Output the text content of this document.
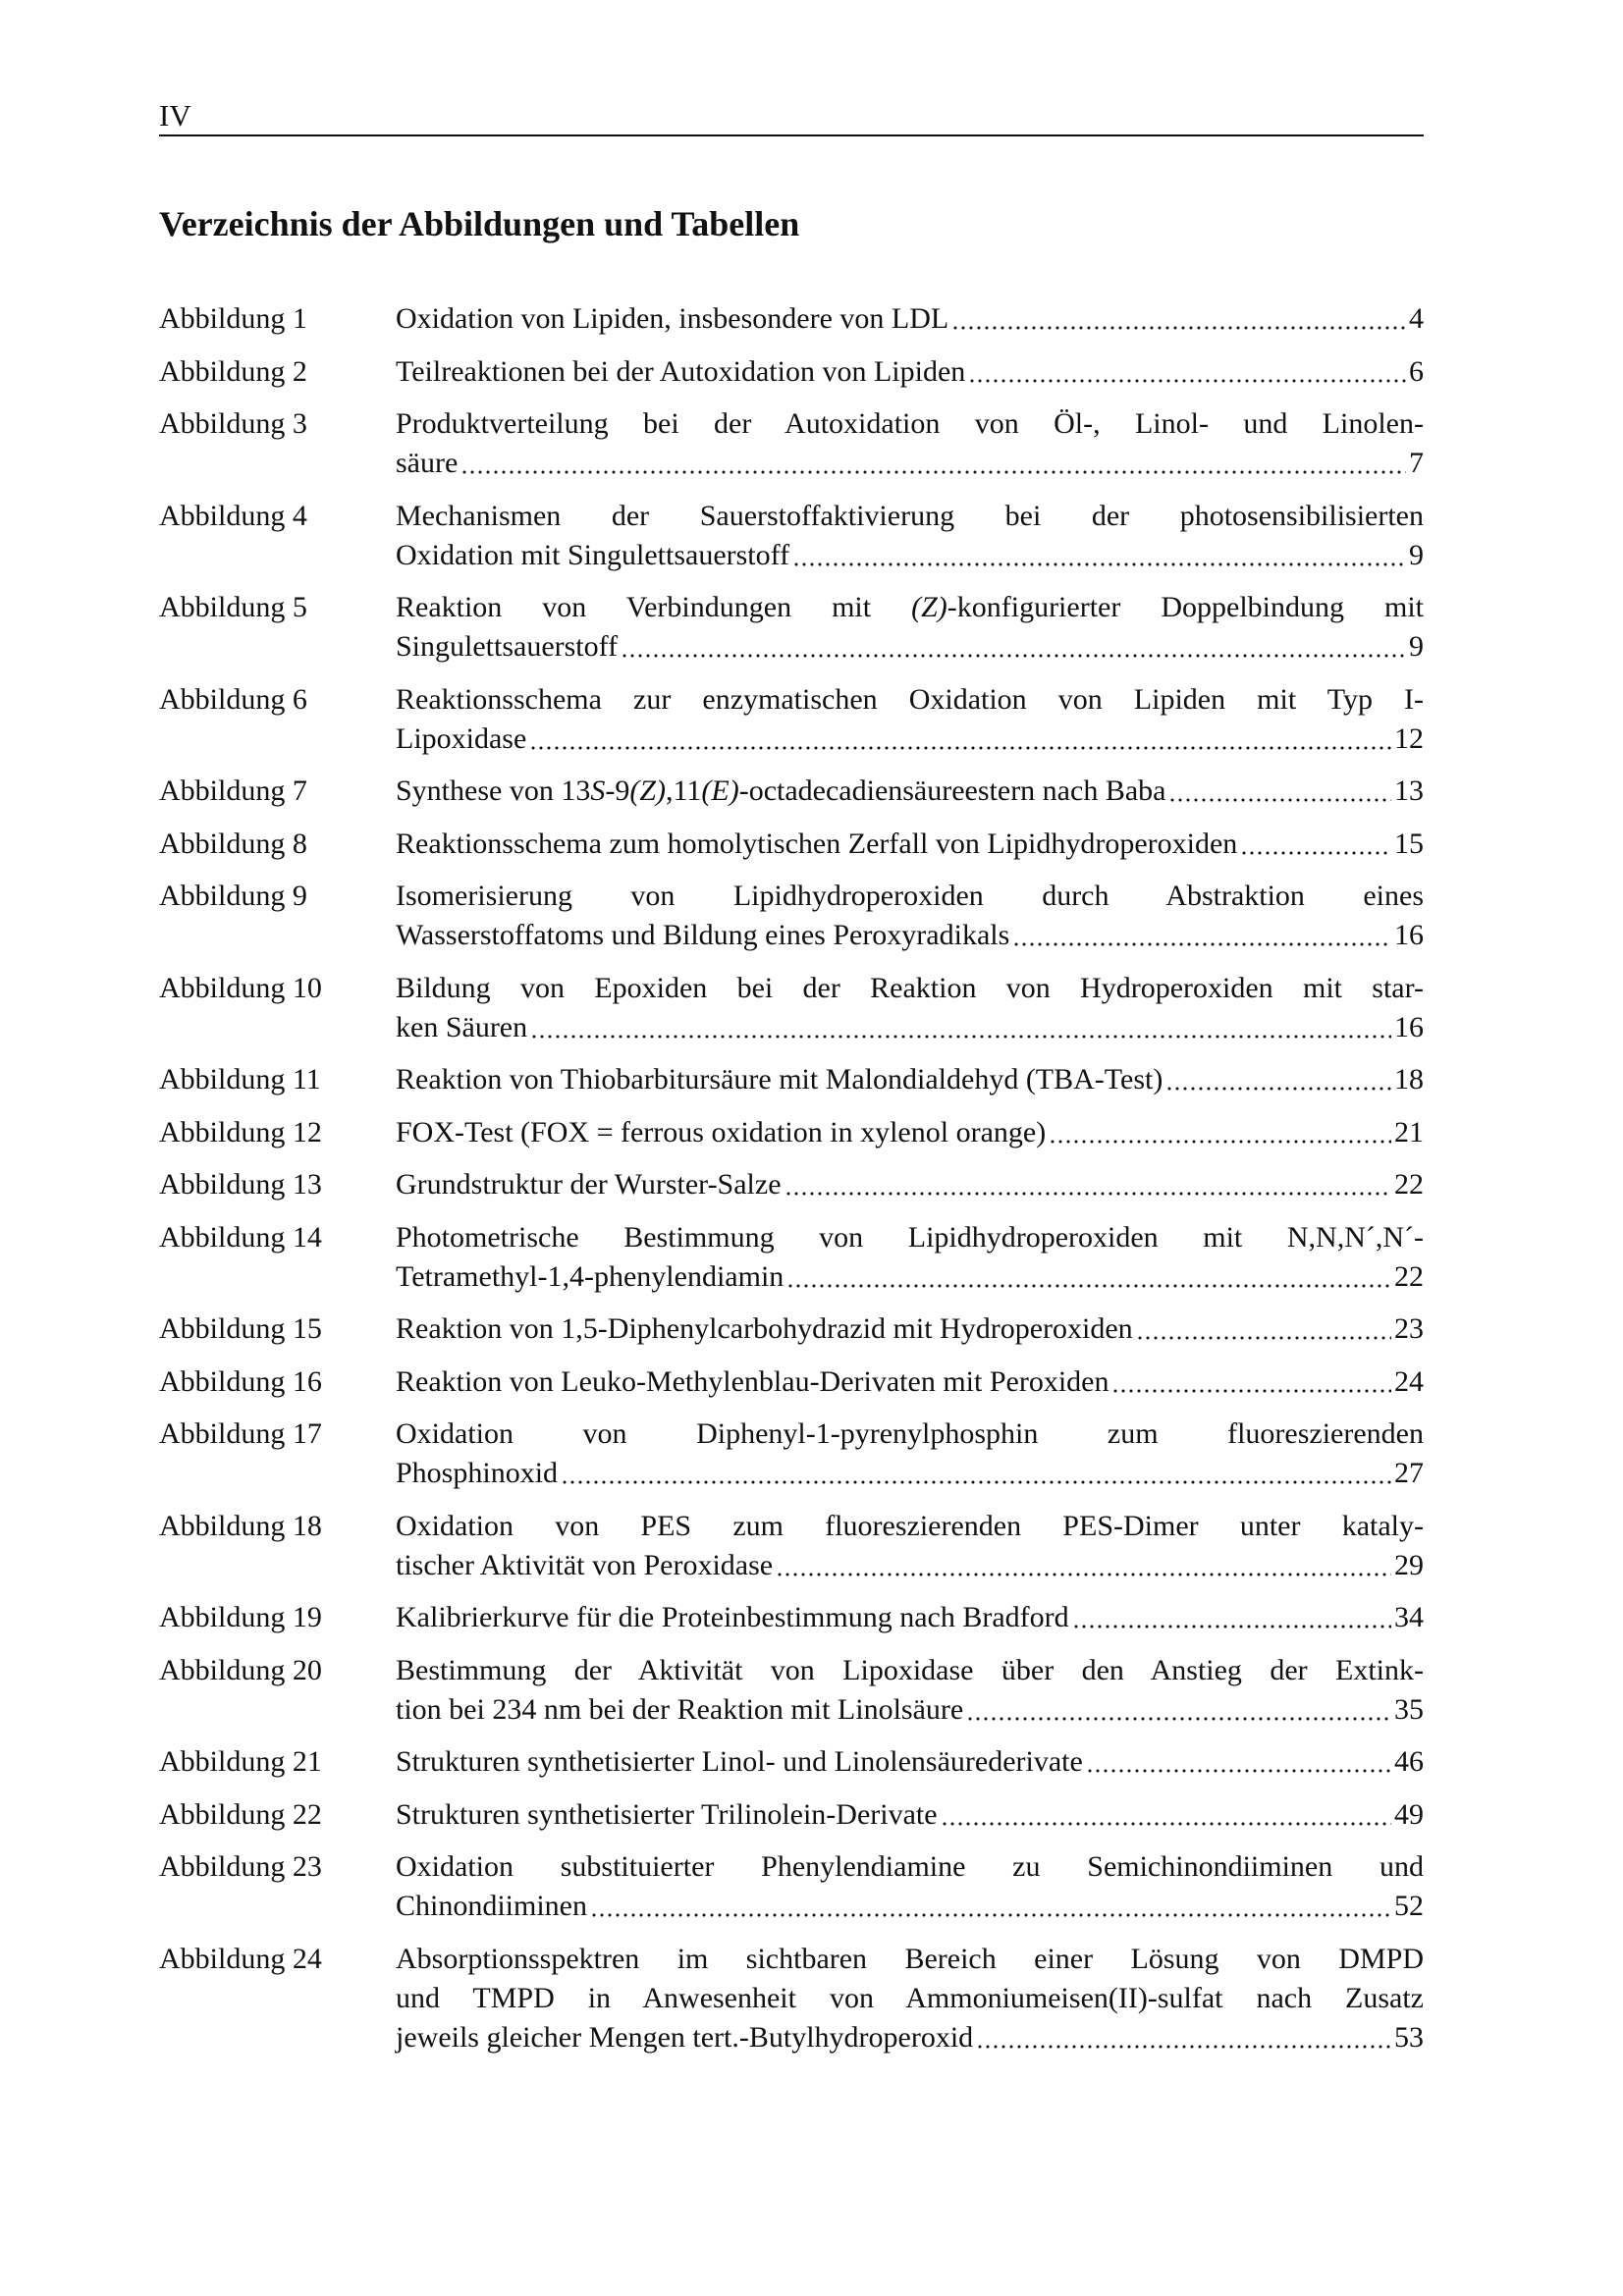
IV
Verzeichnis der Abbildungen und Tabellen
Abbildung 1	Oxidation von Lipiden, insbesondere von LDL	4
Abbildung 2	Teilreaktionen bei der Autoxidation von Lipiden	6
Abbildung 3	Produktverteilung bei der Autoxidation von Öl-, Linol- und Linolen-
säure	7
Abbildung 4	Mechanismen der Sauerstoffaktivierung bei der photosensibilisierten
Oxidation mit Singulettsauerstoff	9
Abbildung 5	Reaktion von Verbindungen mit (Z)-konfigurierter Doppelbindung mit
Singulettsauerstoff	9
Abbildung 6	Reaktionsschema zur enzymatischen Oxidation von Lipiden mit Typ I-
Lipoxidase	12
Abbildung 7	Synthese von 13S-9(Z),11(E)-octadecadiensäureestern nach Baba	13
Abbildung 8	Reaktionsschema zum homolytischen Zerfall von Lipidhydroperoxiden	15
Abbildung 9	Isomerisierung von Lipidhydroperoxiden durch Abstraktion eines
Wasserstoffatoms und Bildung eines Peroxyradikals	16
Abbildung 10	Bildung von Epoxiden bei der Reaktion von Hydroperoxiden mit star-
ken Säuren	16
Abbildung 11	Reaktion von Thiobarbitursäure mit Malondialdehyd (TBA-Test)	18
Abbildung 12	FOX-Test (FOX = ferrous oxidation in xylenol orange)	21
Abbildung 13	Grundstruktur der Wurster-Salze	22
Abbildung 14	Photometrische Bestimmung von Lipidhydroperoxiden mit N,N,N´,N´-
Tetramethyl-1,4-phenylendiamin	22
Abbildung 15	Reaktion von 1,5-Diphenylcarbohydrazid mit Hydroperoxiden	23
Abbildung 16	Reaktion von Leuko-Methylenblau-Derivaten mit Peroxiden	24
Abbildung 17	Oxidation von Diphenyl-1-pyrenylphosphin zum fluoreszierenden
Phosphinoxid	27
Abbildung 18	Oxidation von PES zum fluoreszierenden PES-Dimer unter kataly-
tischer Aktivität von Peroxidase	29
Abbildung 19	Kalibrierkurve für die Proteinbestimmung nach Bradford	34
Abbildung 20	Bestimmung der Aktivität von Lipoxidase über den Anstieg der Extink-
tion bei 234 nm bei der Reaktion mit Linolsäure	35
Abbildung 21	Strukturen synthetisierter Linol- und Linolensäurederivate	46
Abbildung 22	Strukturen synthetisierter Trilinolein-Derivate	49
Abbildung 23	Oxidation substituierter Phenylendiamine zu Semichinondiiminen und
Chinondiiminen	52
Abbildung 24	Absorptionsspektren im sichtbaren Bereich einer Lösung von DMPD
und TMPD in Anwesenheit von Ammoniumeisen(II)-sulfat nach Zusatz
jeweils gleicher Mengen tert.-Butylhydroperoxid	53
